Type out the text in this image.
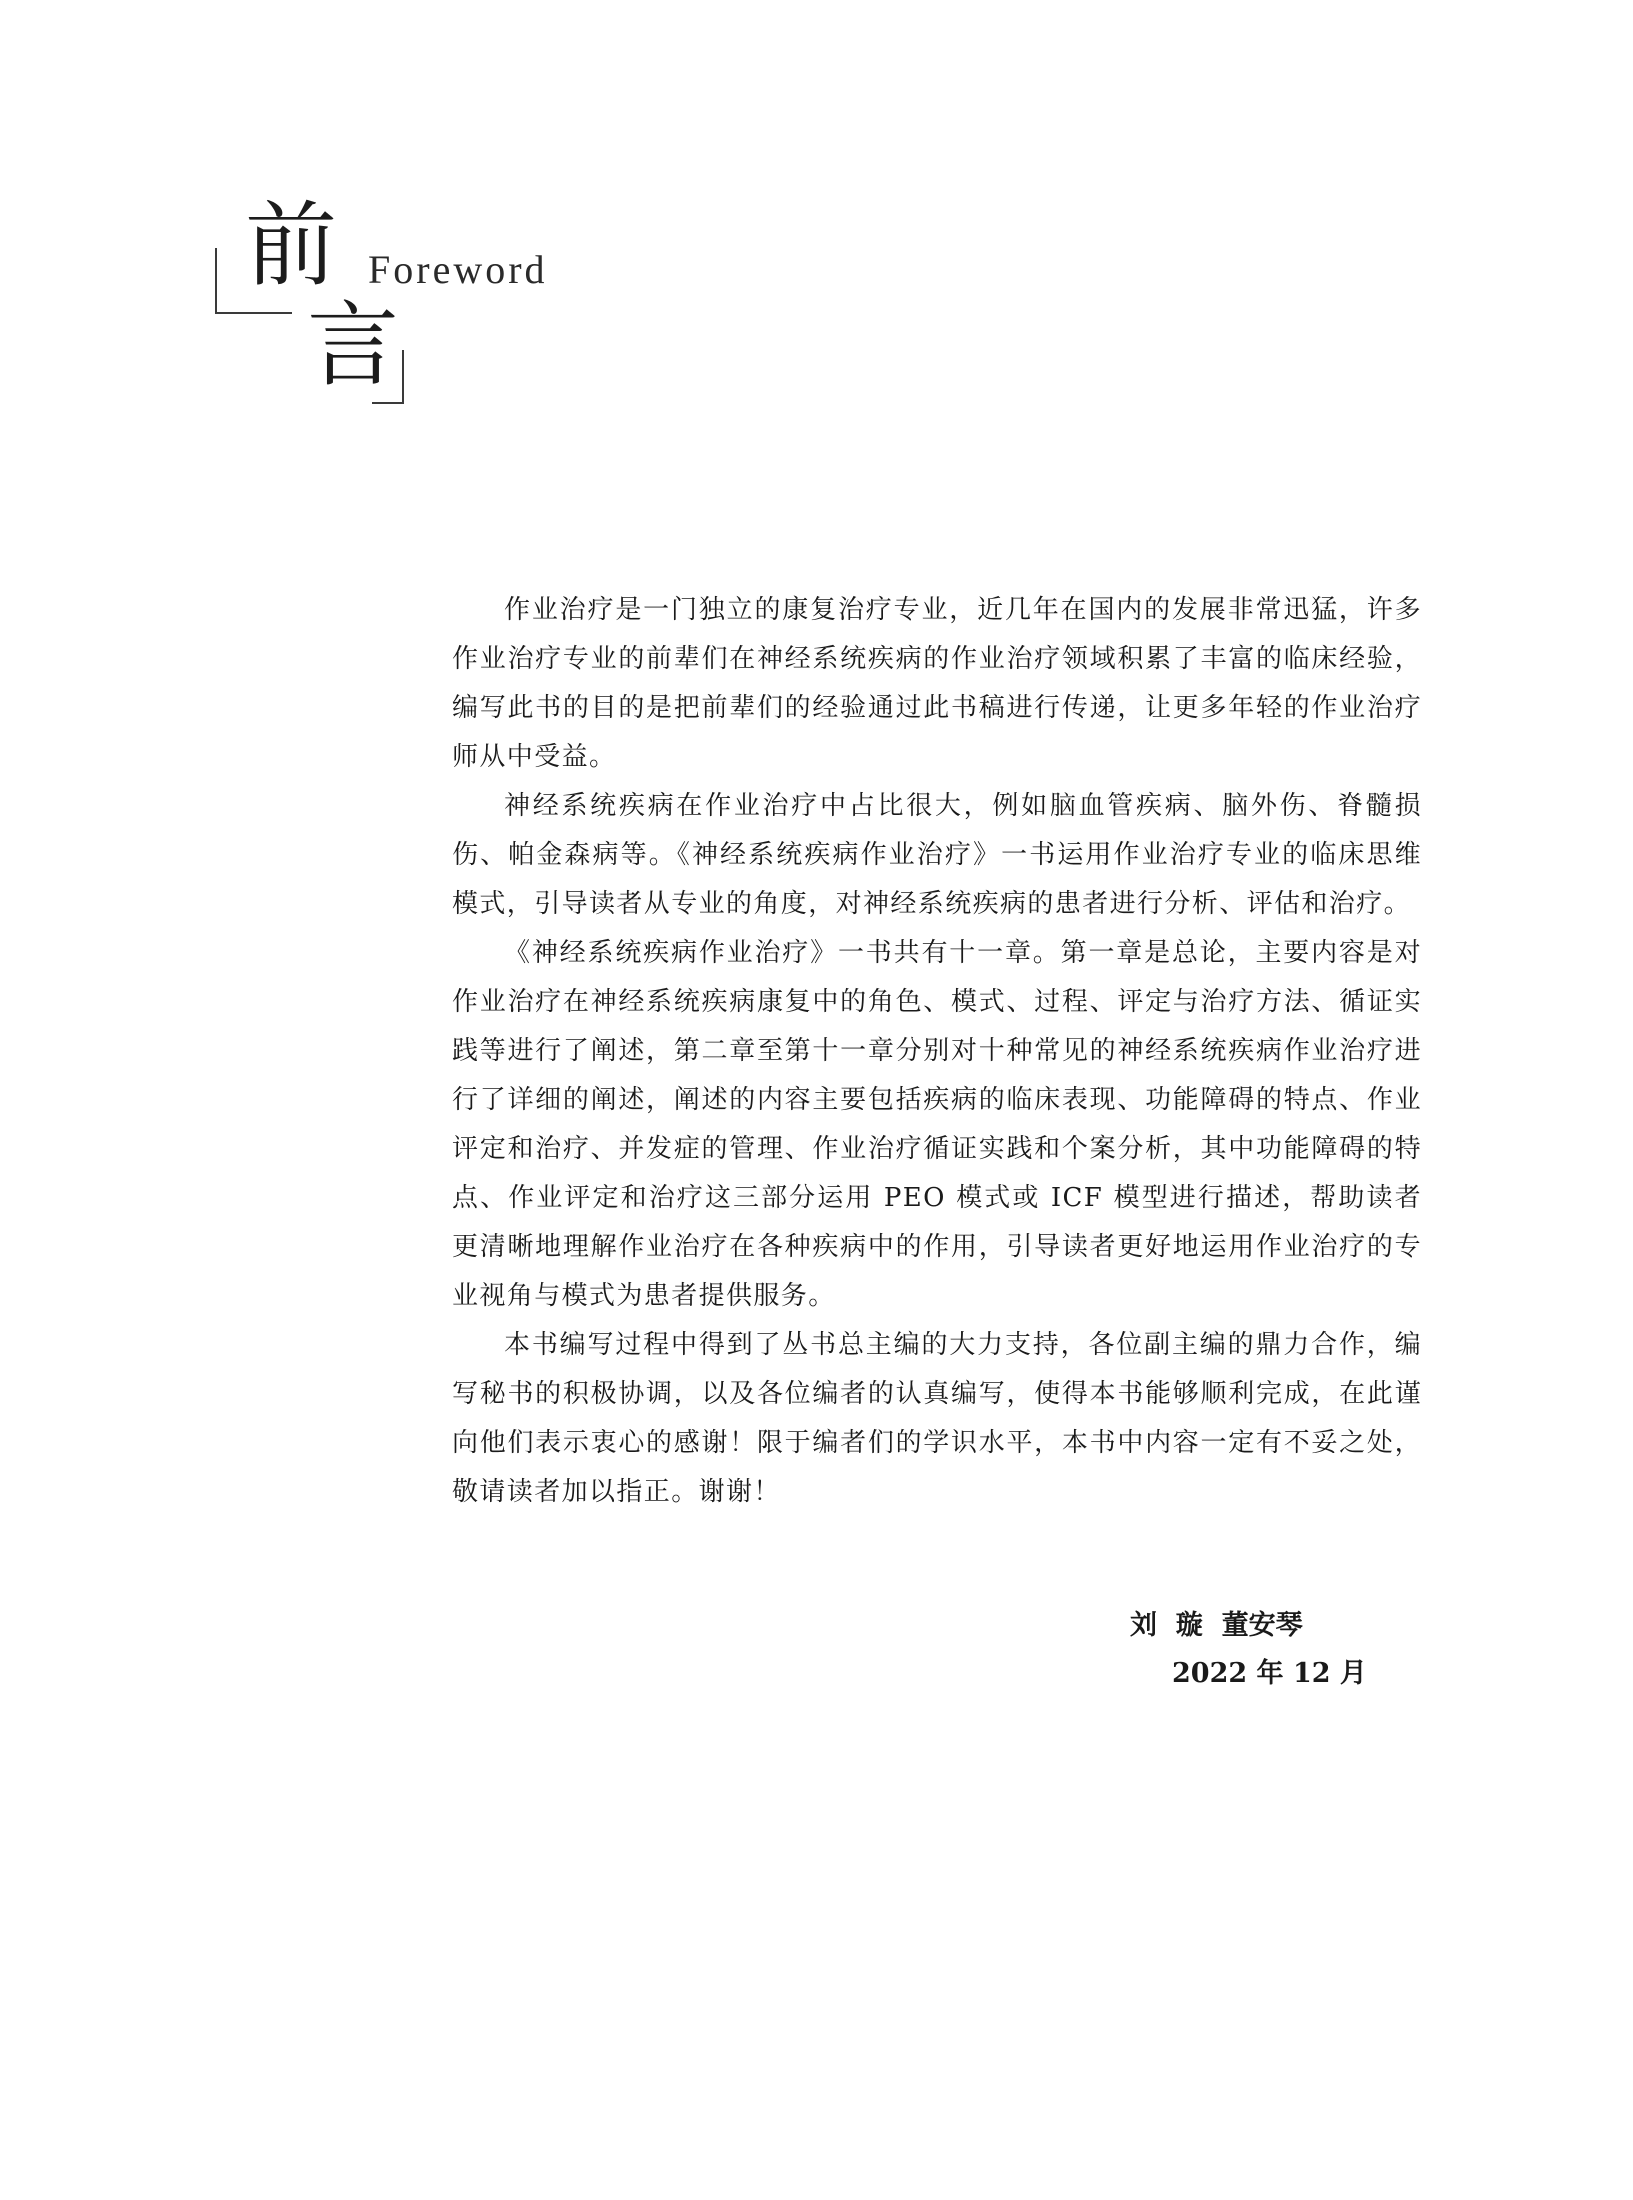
前 Foreword
言

作业治疗是一门独立的康复治疗专业，近几年在国内的发展非常迅猛，许多作业治疗专业的前辈们在神经系统疾病的作业治疗领域积累了丰富的临床经验，编写此书的目的是把前辈们的经验通过此书稿进行传递，让更多年轻的作业治疗师从中受益。

神经系统疾病在作业治疗中占比很大，例如脑血管疾病、脑外伤、脊髓损伤、帕金森病等。《神经系统疾病作业治疗》一书运用作业治疗专业的临床思维模式，引导读者从专业的角度，对神经系统疾病的患者进行分析、评估和治疗。

《神经系统疾病作业治疗》一书共有十一章。第一章是总论，主要内容是对作业治疗在神经系统疾病康复中的角色、模式、过程、评定与治疗方法、循证实践等进行了阐述，第二章至第十一章分别对十种常见的神经系统疾病作业治疗进行了详细的阐述，阐述的内容主要包括疾病的临床表现、功能障碍的特点、作业评定和治疗、并发症的管理、作业治疗循证实践和个案分析，其中功能障碍的特点、作业评定和治疗这三部分运用 PEO 模式或 ICF 模型进行描述，帮助读者更清晰地理解作业治疗在各种疾病中的作用，引导读者更好地运用作业治疗的专业视角与模式为患者提供服务。

本书编写过程中得到了丛书总主编的大力支持，各位副主编的鼎力合作，编写秘书的积极协调，以及各位编者的认真编写，使得本书能够顺利完成，在此谨向他们表示衷心的感谢！限于编者们的学识水平，本书中内容一定有不妥之处，敬请读者加以指正。谢谢！

刘  璇  董安琴
2022 年 12 月
